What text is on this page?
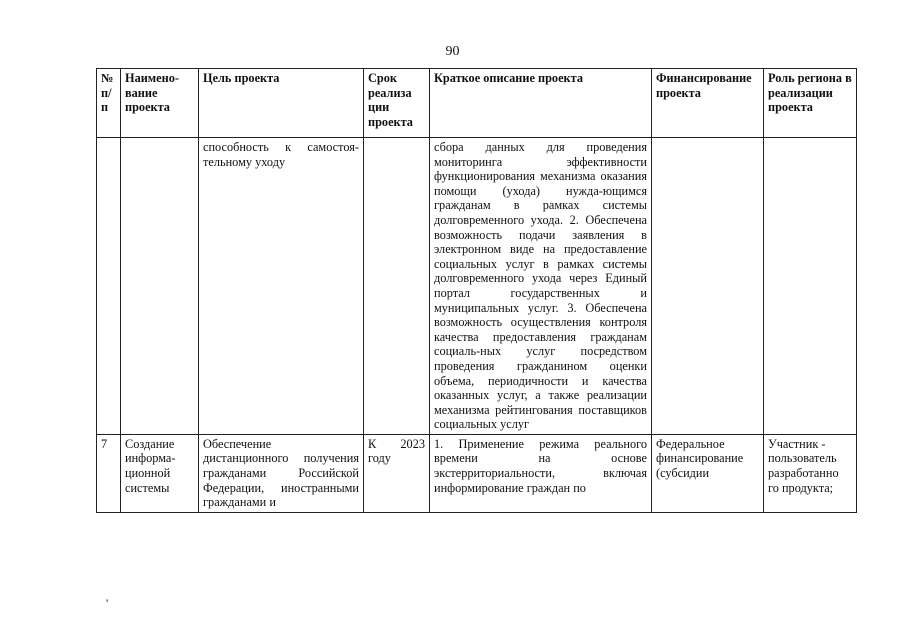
90
№ п/ п	Наимено-вание проекта	Цель проекта	Срок реализа ции проекта	Краткое описание проекта	Финансирование проекта	Роль региона в реализации проекта
		способность к самостоя-тельному уходу		сбора данных для проведения мониторинга эффективности функционирования механизма оказания помощи (ухода) нужда-ющимся гражданам в рамках системы долговременного ухода. 2. Обеспечена возможность подачи заявления в электронном виде на предоставление социальных услуг в рамках системы долговременного ухода через Единый портал государственных и муниципальных услуг. 3. Обеспечена возможность осуществления контроля качества предоставления гражданам социаль-ных услуг посредством проведения гражданином оценки объема, периодичности и качества оказанных услуг, а также реализации механизма рейтингования поставщиков социальных услуг		
7	Создание информа-ционной системы	Обеспечение дистанционного получения гражданами Российской Федерации, иностранными гражданами и	К 2023 году	1. Применение режима реального времени на основе экстерриториальности, включая информирование граждан по	Федеральное финансирование (субсидии	Участник - пользователь разработанно го продукта;
'
